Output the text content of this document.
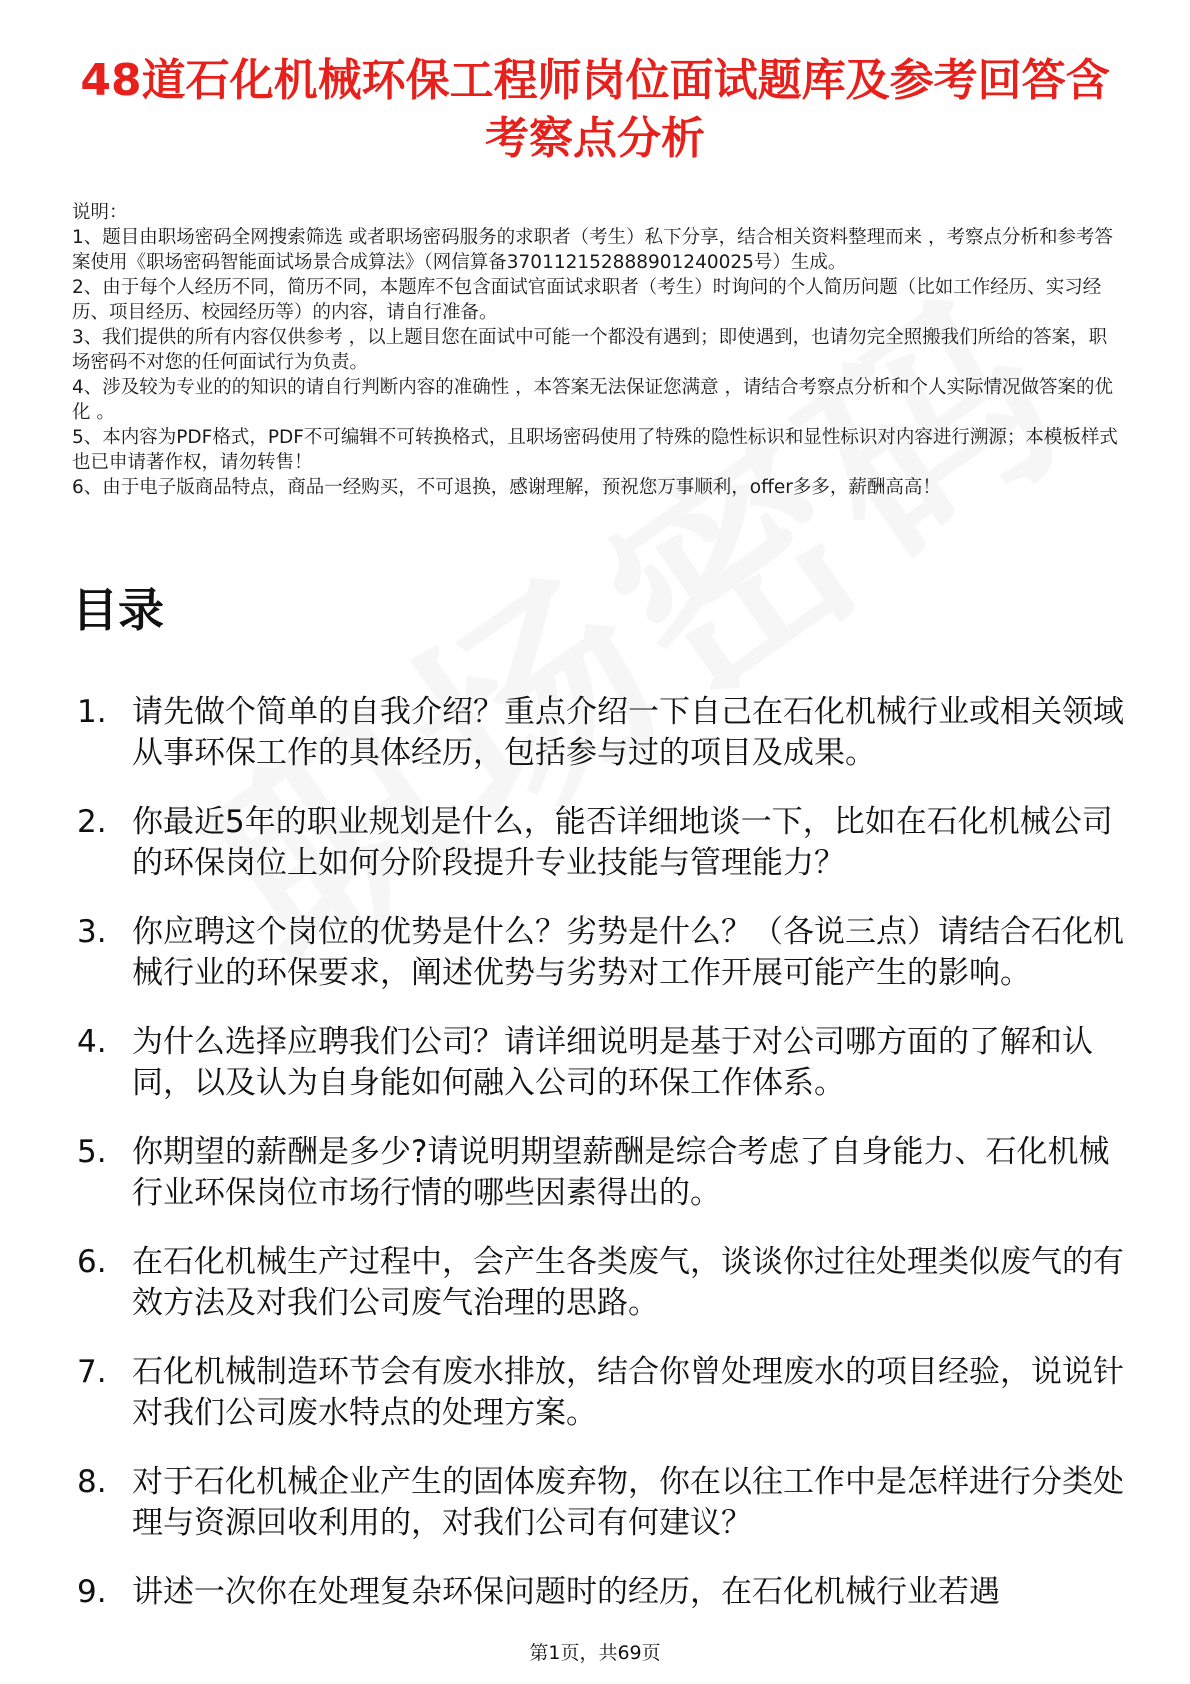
48道石化机械环保工程师岗位面试题库及参考回答含考察点分析

说明：

1、题目由职场密码全网搜索筛选 或者职场密码服务的求职者（考生）私下分享，结合相关资料整理而来 ，考察点分析和参考答案使用《职场密码智能面试场景合成算法》（网信算备370112152888901240025号）生成。

2、由于每个人经历不同，简历不同，本题库不包含面试官面试求职者（考生）时询问的个人简历问题（比如工作经历、实习经历、项目经历、校园经历等）的内容，请自行准备。

3、我们提供的所有内容仅供参考 ，以上题目您在面试中可能一个都没有遇到；即使遇到，也请勿完全照搬我们所给的答案，职场密码不对您的任何面试行为负责。

4、涉及较为专业的的知识的请自行判断内容的准确性 ，本答案无法保证您满意 ，请结合考察点分析和个人实际情况做答案的优化 。

5、本内容为PDF格式，PDF不可编辑不可转换格式，且职场密码使用了特殊的隐性标识和显性标识对内容进行溯源；本模板样式也已申请著作权，请勿转售！

6、由于电子版商品特点，商品一经购买，不可退换，感谢理解，预祝您万事顺利，offer多多，薪酬高高！

目录
1. 请先做个简单的自我介绍？重点介绍一下自己在石化机械行业或相关领域从事环保工作的具体经历，包括参与过的项目及成果。
2. 你最近5年的职业规划是什么，能否详细地谈一下，比如在石化机械公司的环保岗位上如何分阶段提升专业技能与管理能力？
3. 你应聘这个岗位的优势是什么？劣势是什么？（各说三点）请结合石化机械行业的环保要求，阐述优势与劣势对工作开展可能产生的影响。
4. 为什么选择应聘我们公司？请详细说明是基于对公司哪方面的了解和认同，以及认为自身能如何融入公司的环保工作体系。
5. 你期望的薪酬是多少?请说明期望薪酬是综合考虑了自身能力、石化机械行业环保岗位市场行情的哪些因素得出的。
6. 在石化机械生产过程中，会产生各类废气，谈谈你过往处理类似废气的有效方法及对我们公司废气治理的思路。
7. 石化机械制造环节会有废水排放，结合你曾处理废水的项目经验，说说针对我们公司废水特点的处理方案。
8. 对于石化机械企业产生的固体废弃物，你在以往工作中是怎样进行分类处理与资源回收利用的，对我们公司有何建议？
9. 讲述一次你在处理复杂环保问题时的经历，在石化机械行业若遇
第1页，共69页
